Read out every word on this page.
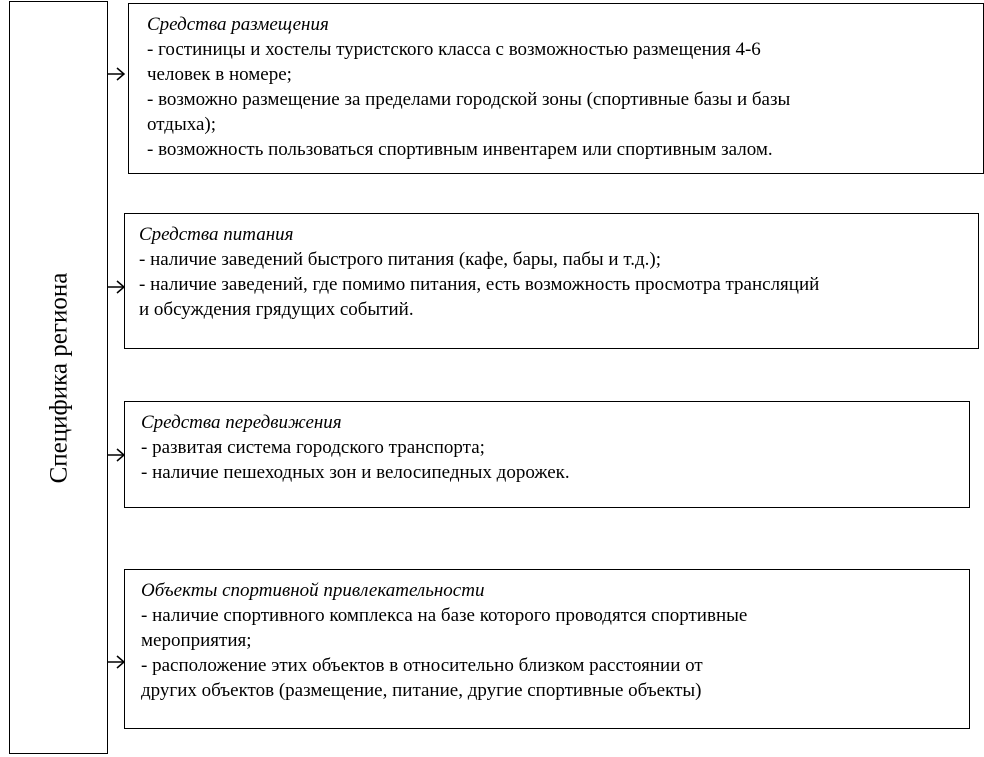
Специфика региона
Средства размещения
- гостиницы и хостелы туристского класса с возможностью размещения 4-6
человек в номере;
- возможно размещение за пределами городской зоны (спортивные базы и базы
отдыха);
- возможность пользоваться спортивным инвентарем или спортивным залом.
Средства питания
- наличие заведений быстрого питания (кафе, бары, пабы и т.д.);
- наличие заведений, где помимо питания, есть возможность просмотра трансляций
и обсуждения грядущих событий.
Средства передвижения
- развитая система городского транспорта;
- наличие пешеходных зон и велосипедных дорожек.
Объекты спортивной привлекательности
- наличие спортивного комплекса на базе которого проводятся спортивные
мероприятия;
- расположение этих объектов в относительно близком расстоянии от
других объектов (размещение, питание, другие спортивные объекты)
